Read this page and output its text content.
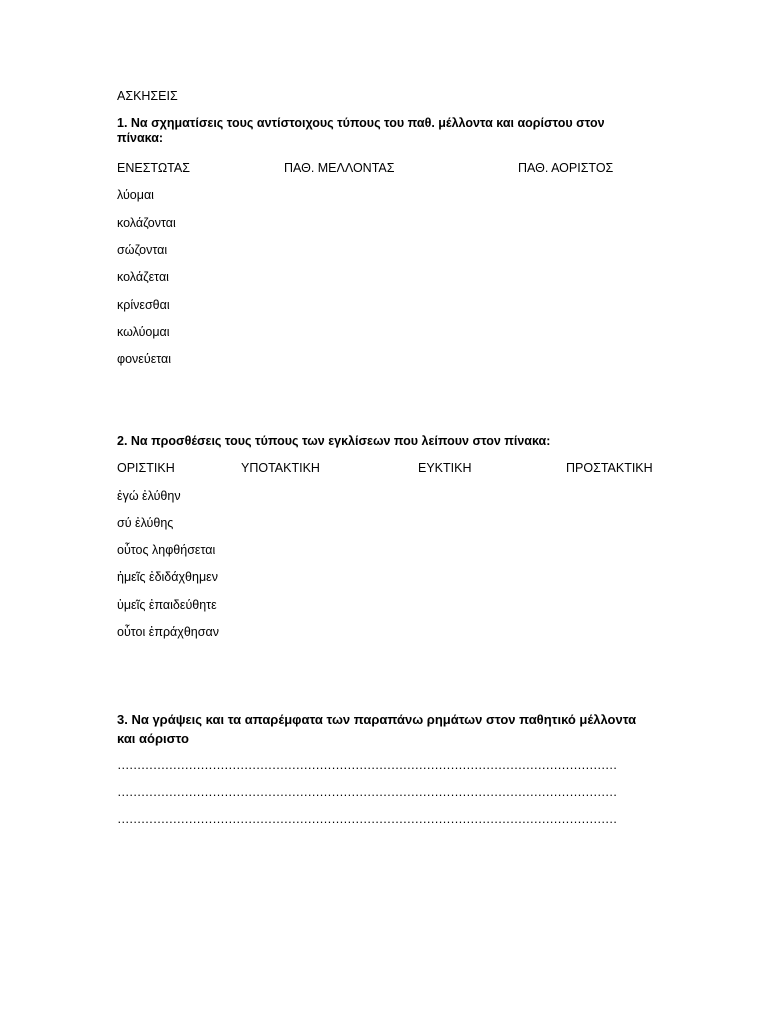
ΑΣΚΗΣΕΙΣ
1. Να σχηματίσεις τους αντίστοιχους τύπους του παθ. μέλλοντα και αορίστου στον πίνακα:
ΕΝΕΣΤΩΤΑΣ	ΠΑΘ. ΜΕΛΛΟΝΤΑΣ	ΠΑΘ. ΑΟΡΙΣΤΟΣ
λύομαι
κολάζονται
σώζονται
κολάζεται
κρίνεσθαι
κωλύομαι
φονεύεται
2. Να προσθέσεις τους τύπους των εγκλίσεων που λείπουν στον πίνακα:
ΟΡΙΣΤΙΚΗ	ΥΠΟΤΑΚΤΙΚΗ	ΕΥΚΤΙΚΗ	ΠΡΟΣΤΑΚΤΙΚΗ
ἐγώ ἐλύθην
σύ ἐλύθης
οὗτος ληφθήσεται
ἡμεῖς ἐδιδάχθημεν
ὑμεῖς ἐπαιδεύθητε
οὗτοι ἐπράχθησαν
3. Να γράψεις και τα απαρέμφατα των παραπάνω ρημάτων στον παθητικό μέλλοντα και αόριστο
………………………………………………………………………………………………………………
………………………………………………………………………………………………………………
………………………………………………………………………………………………………………
